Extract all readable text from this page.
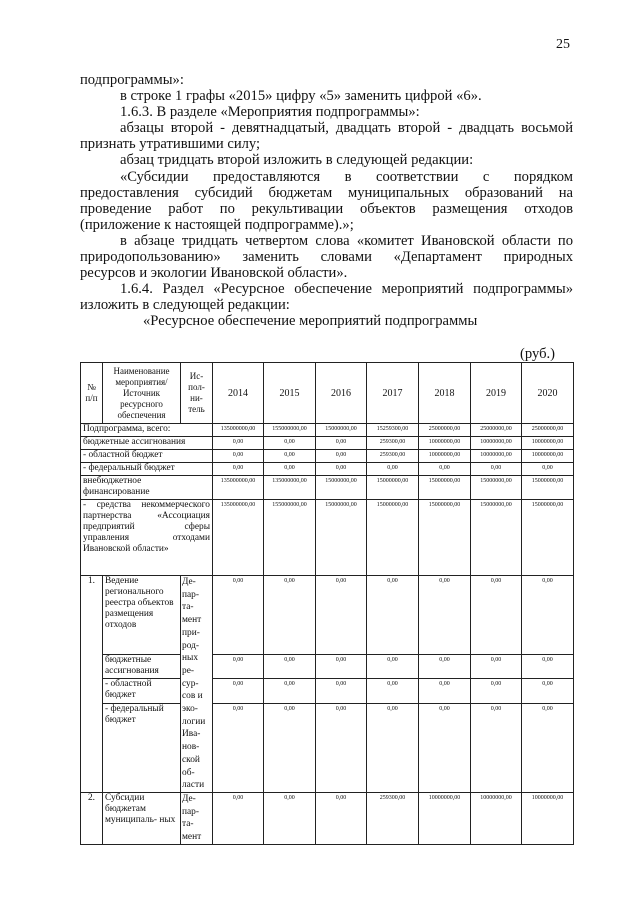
25
подпрограммы»:
в строке 1 графы «2015» цифру «5» заменить цифрой «6».
1.6.3. В разделе «Мероприятия подпрограммы»:
абзацы второй - девятнадцатый, двадцать второй - двадцать восьмой
признать утратившими силу;
абзац тридцать второй изложить в следующей редакции:
«Субсидии предоставляются в соответствии с порядком
предоставления субсидий бюджетам муниципальных образований на
проведение работ по рекультивации объектов размещения отходов
(приложение к настоящей подпрограмме).»;
в абзаце тридцать четвертом слова «комитет Ивановской области по
природопользованию» заменить словами «Департамент природных
ресурсов и экологии Ивановской области».
1.6.4. Раздел «Ресурсное обеспечение мероприятий подпрограммы»
изложить в следующей редакции:
«Ресурсное обеспечение мероприятий подпрограммы
(руб.)
№ п/п	Наименование мероприятия/ Источник ресурсного обеспечения	Ис- пол- ни- тель	2014	2015	2016	2017	2018	2019	2020
Подпрограмма, всего:			135000000,00	155000000,00	15000000,00	15259300,00	25000000,00	25000000,00	25000000,00
бюджетные ассигнования			0,00	0,00	0,00	259300,00	10000000,00	10000000,00	10000000,00
- областной бюджет			0,00	0,00	0,00	259300,00	10000000,00	10000000,00	10000000,00
- федеральный бюджет			0,00	0,00	0,00	0,00	0,00	0,00	0,00
внебюджетное финансирование			135000000,00	135000000,00	15000000,00	15000000,00	15000000,00	15000000,00	15000000,00
- средства некоммерческого партнерства «Ассоциация предприятий сферы управления отходами Ивановской области»			135000000,00	155000000,00	15000000,00	15000000,00	15000000,00	15000000,00	15000000,00
1.	Ведение регионального реестра объектов размещения отходов	Де- пар- та- мент при- род- ных ре- сур- сов и эко- логии Ива- нов- ской об- ласти	0,00	0,00	0,00	0,00	0,00	0,00	0,00
	бюджетные ассигнования		0,00	0,00	0,00	0,00	0,00	0,00	0,00
	- областной бюджет		0,00	0,00	0,00	0,00	0,00	0,00	0,00
	- федеральный бюджет		0,00	0,00	0,00	0,00	0,00	0,00	0,00
2.	Субсидии бюджетам муниципаль- ных	Де- пар- та- мент	0,00	0,00	0,00	259300,00	10000000,00	10000000,00	10000000,00
